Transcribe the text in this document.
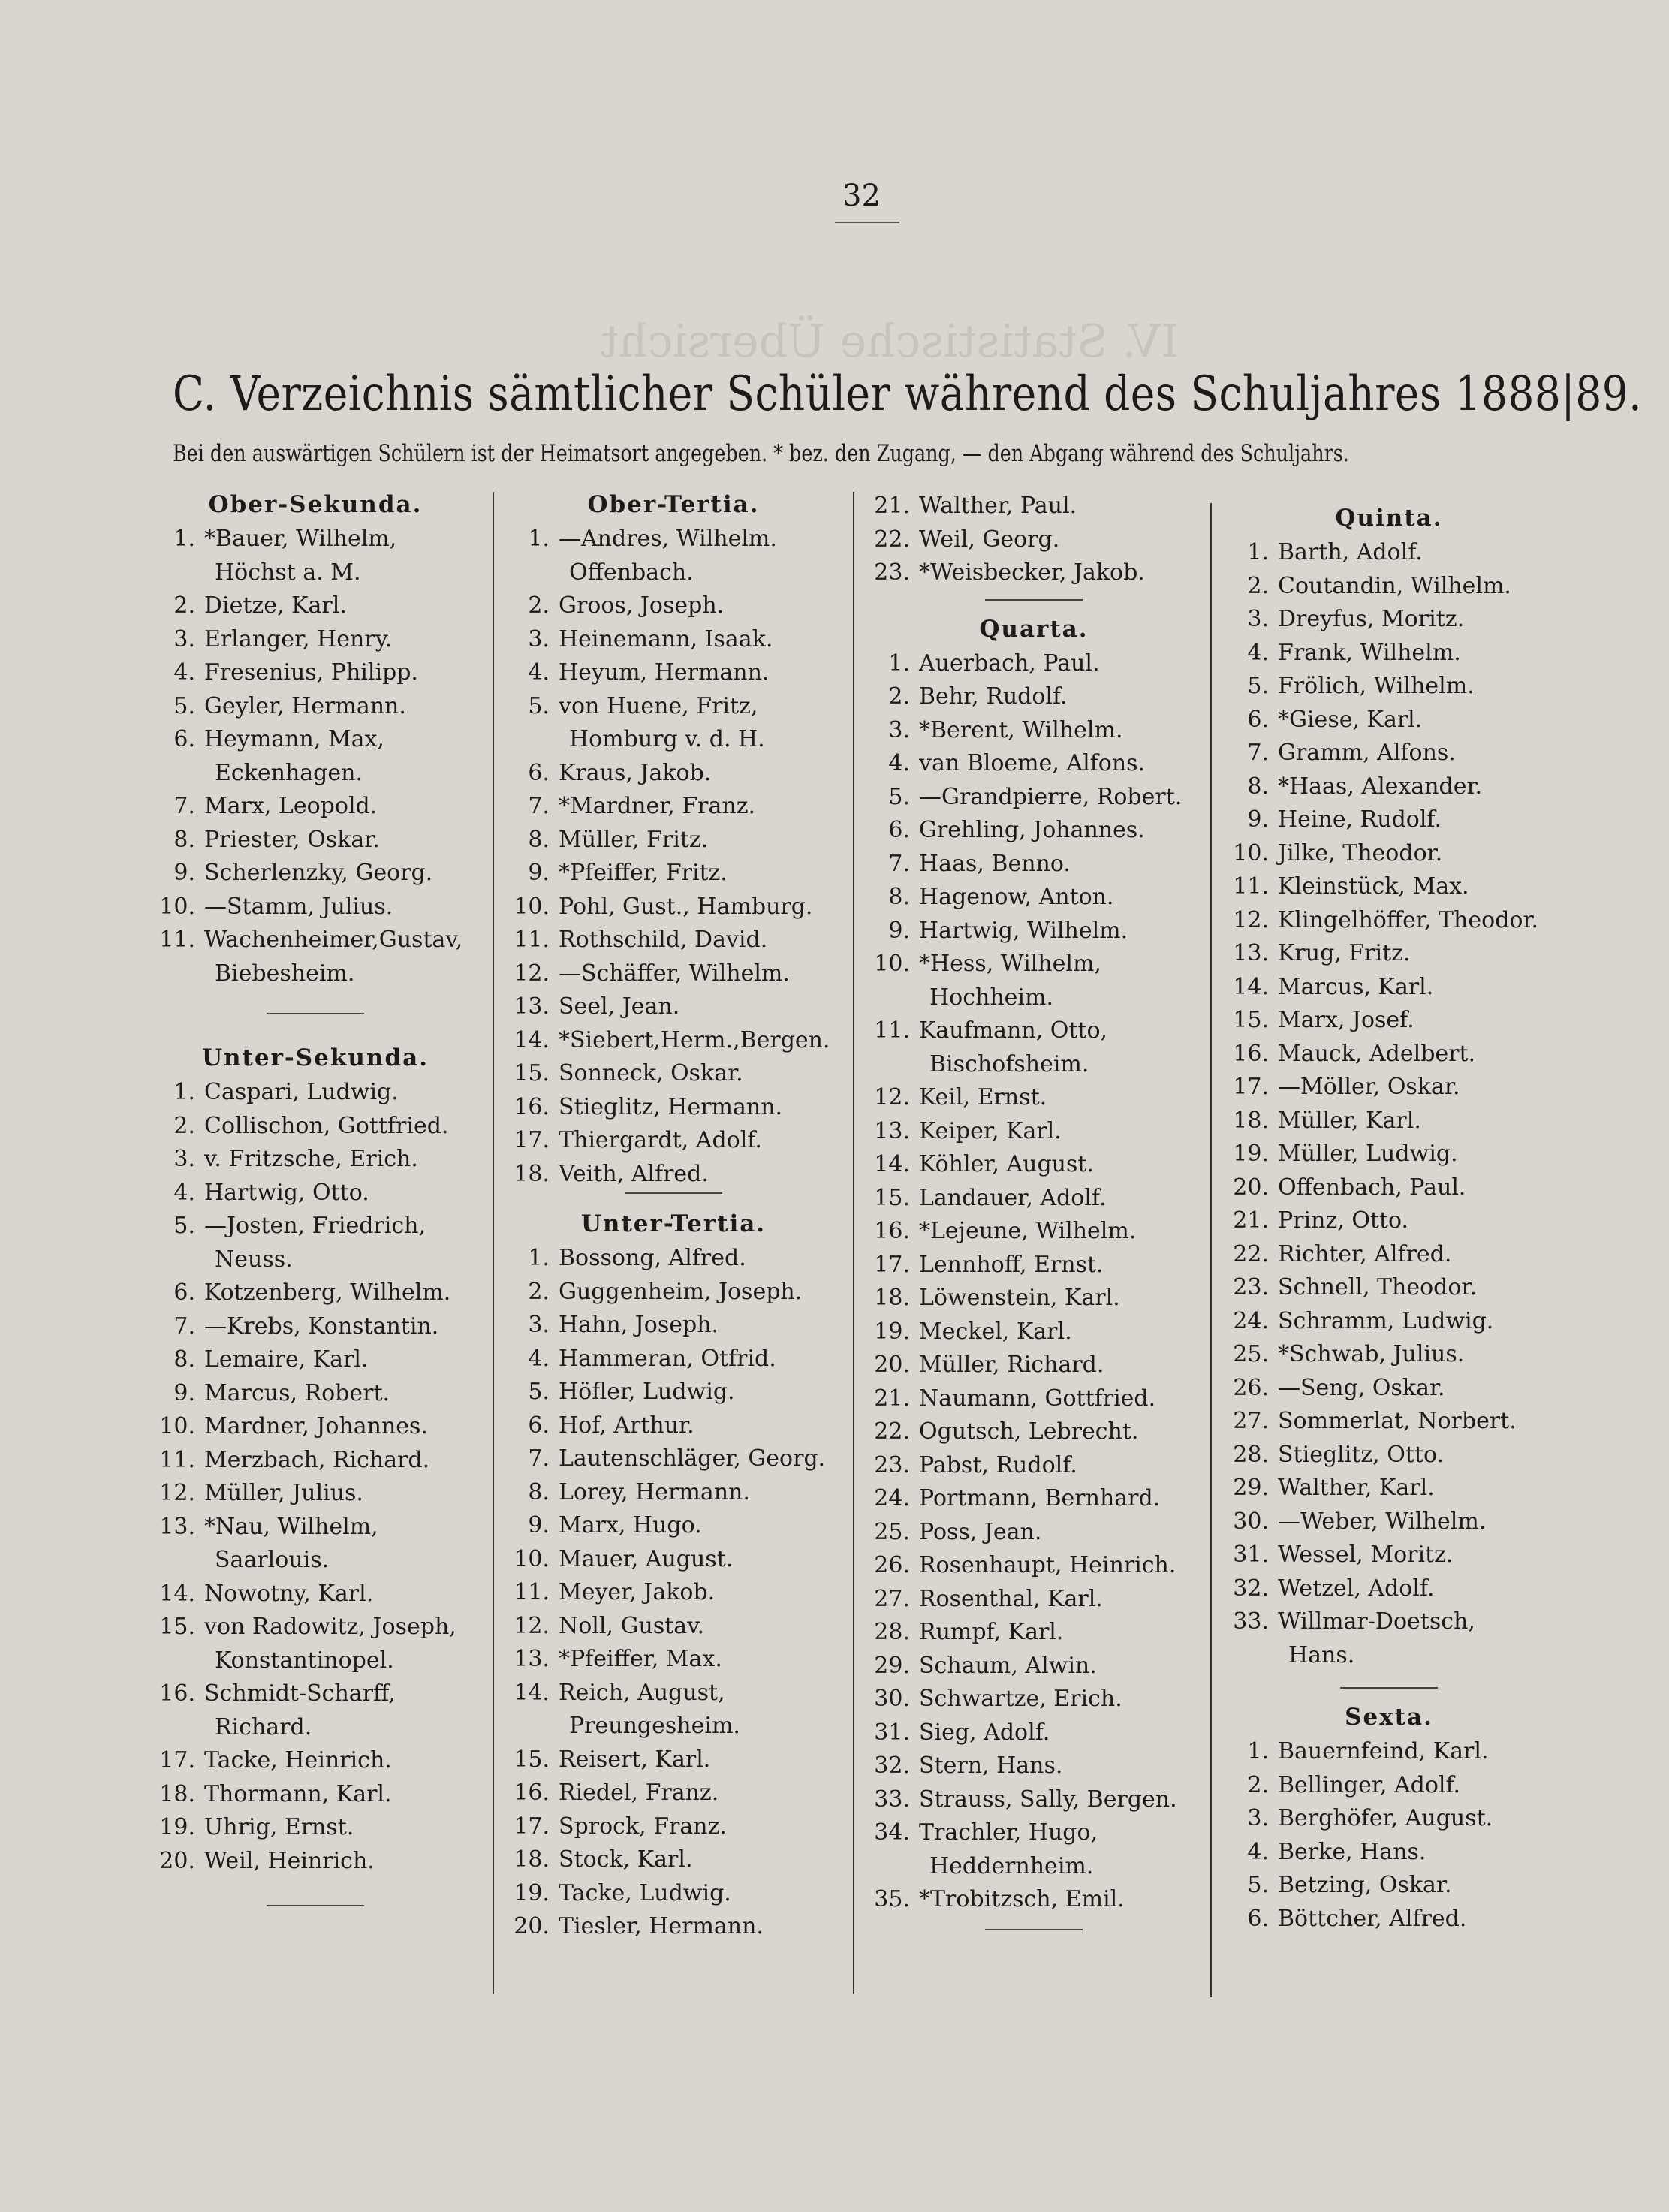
IV. Statistische Übersicht
32
C. Verzeichnis sämtlicher Schüler während des Schuljahres 1888|89.
Bei den auswärtigen Schülern ist der Heimatsort angegeben. * bez. den Zugang, — den Abgang während des Schuljahrs.
Ober-Sekunda.
1. *Bauer, Wilhelm,
Höchst a. M.
2. Dietze, Karl.
3. Erlanger, Henry.
4. Fresenius, Philipp.
5. Geyler, Hermann.
6. Heymann, Max,
Eckenhagen.
7. Marx, Leopold.
8. Priester, Oskar.
9. Scherlenzky, Georg.
10. —Stamm, Julius.
11. Wachenheimer,Gustav,
Biebesheim.
Unter-Sekunda.
1. Caspari, Ludwig.
2. Collischon, Gottfried.
3. v. Fritzsche, Erich.
4. Hartwig, Otto.
5. —Josten, Friedrich,
Neuss.
6. Kotzenberg, Wilhelm.
7. —Krebs, Konstantin.
8. Lemaire, Karl.
9. Marcus, Robert.
10. Mardner, Johannes.
11. Merzbach, Richard.
12. Müller, Julius.
13. *Nau, Wilhelm,
Saarlouis.
14. Nowotny, Karl.
15. von Radowitz, Joseph,
Konstantinopel.
16. Schmidt-Scharff,
Richard.
17. Tacke, Heinrich.
18. Thormann, Karl.
19. Uhrig, Ernst.
20. Weil, Heinrich.
Ober-Tertia.
1. —Andres, Wilhelm.
Offenbach.
2. Groos, Joseph.
3. Heinemann, Isaak.
4. Heyum, Hermann.
5. von Huene, Fritz,
Homburg v. d. H.
6. Kraus, Jakob.
7. *Mardner, Franz.
8. Müller, Fritz.
9. *Pfeiffer, Fritz.
10. Pohl, Gust., Hamburg.
11. Rothschild, David.
12. —Schäffer, Wilhelm.
13. Seel, Jean.
14. *Siebert,Herm.,Bergen.
15. Sonneck, Oskar.
16. Stieglitz, Hermann.
17. Thiergardt, Adolf.
18. Veith, Alfred.
Unter-Tertia.
1. Bossong, Alfred.
2. Guggenheim, Joseph.
3. Hahn, Joseph.
4. Hammeran, Otfrid.
5. Höfler, Ludwig.
6. Hof, Arthur.
7. Lautenschläger, Georg.
8. Lorey, Hermann.
9. Marx, Hugo.
10. Mauer, August.
11. Meyer, Jakob.
12. Noll, Gustav.
13. *Pfeiffer, Max.
14. Reich, August,
Preungesheim.
15. Reisert, Karl.
16. Riedel, Franz.
17. Sprock, Franz.
18. Stock, Karl.
19. Tacke, Ludwig.
20. Tiesler, Hermann.
21. Walther, Paul.
22. Weil, Georg.
23. *Weisbecker, Jakob.
Quarta.
1. Auerbach, Paul.
2. Behr, Rudolf.
3. *Berent, Wilhelm.
4. van Bloeme, Alfons.
5. —Grandpierre, Robert.
6. Grehling, Johannes.
7. Haas, Benno.
8. Hagenow, Anton.
9. Hartwig, Wilhelm.
10. *Hess, Wilhelm,
Hochheim.
11. Kaufmann, Otto,
Bischofsheim.
12. Keil, Ernst.
13. Keiper, Karl.
14. Köhler, August.
15. Landauer, Adolf.
16. *Lejeune, Wilhelm.
17. Lennhoff, Ernst.
18. Löwenstein, Karl.
19. Meckel, Karl.
20. Müller, Richard.
21. Naumann, Gottfried.
22. Ogutsch, Lebrecht.
23. Pabst, Rudolf.
24. Portmann, Bernhard.
25. Poss, Jean.
26. Rosenhaupt, Heinrich.
27. Rosenthal, Karl.
28. Rumpf, Karl.
29. Schaum, Alwin.
30. Schwartze, Erich.
31. Sieg, Adolf.
32. Stern, Hans.
33. Strauss, Sally, Bergen.
34. Trachler, Hugo,
Heddernheim.
35. *Trobitzsch, Emil.
Quinta.
1. Barth, Adolf.
2. Coutandin, Wilhelm.
3. Dreyfus, Moritz.
4. Frank, Wilhelm.
5. Frölich, Wilhelm.
6. *Giese, Karl.
7. Gramm, Alfons.
8. *Haas, Alexander.
9. Heine, Rudolf.
10. Jilke, Theodor.
11. Kleinstück, Max.
12. Klingelhöffer, Theodor.
13. Krug, Fritz.
14. Marcus, Karl.
15. Marx, Josef.
16. Mauck, Adelbert.
17. —Möller, Oskar.
18. Müller, Karl.
19. Müller, Ludwig.
20. Offenbach, Paul.
21. Prinz, Otto.
22. Richter, Alfred.
23. Schnell, Theodor.
24. Schramm, Ludwig.
25. *Schwab, Julius.
26. —Seng, Oskar.
27. Sommerlat, Norbert.
28. Stieglitz, Otto.
29. Walther, Karl.
30. —Weber, Wilhelm.
31. Wessel, Moritz.
32. Wetzel, Adolf.
33. Willmar-Doetsch,
Hans.
Sexta.
1. Bauernfeind, Karl.
2. Bellinger, Adolf.
3. Berghöfer, August.
4. Berke, Hans.
5. Betzing, Oskar.
6. Böttcher, Alfred.
